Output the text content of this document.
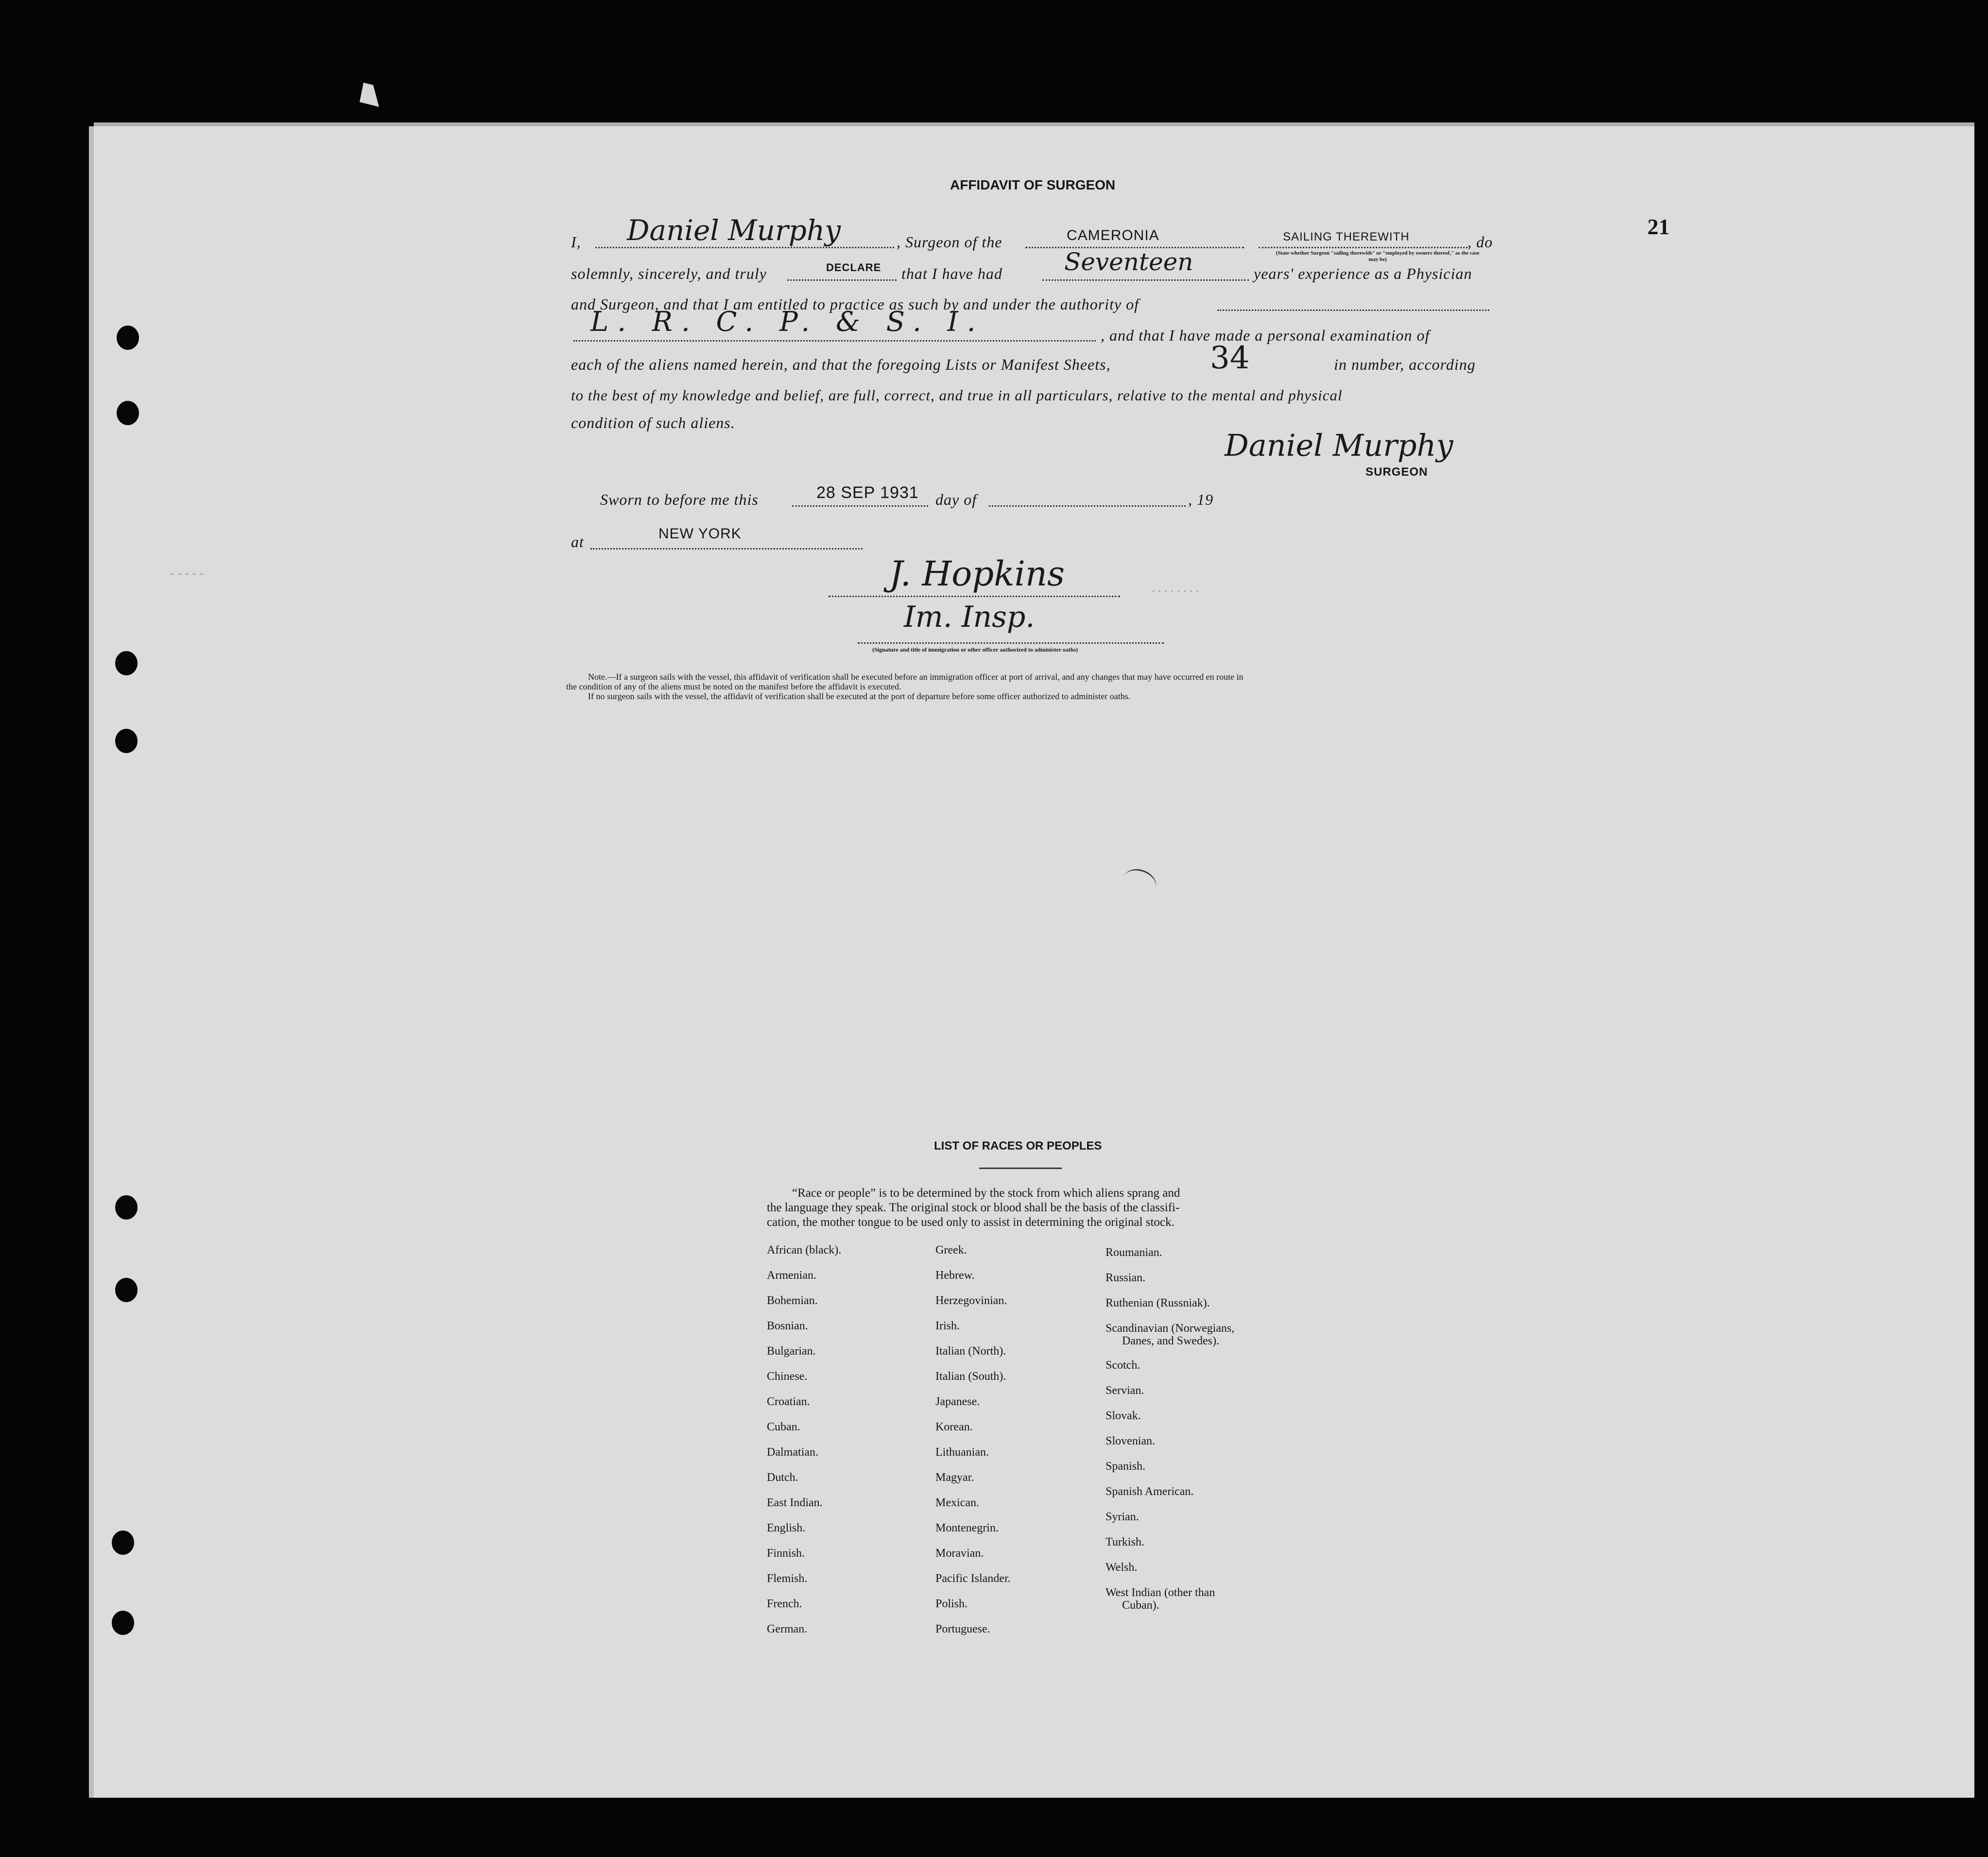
21
AFFIDAVIT OF SURGEON
I, Daniel Murphy	, Surgeon of the	CAMERONIA	SAILING THEREWITH	, do
(State whether Surgeon "sailing therewith" or "employed by owners thereof," as the case may be)
solemnly, sincerely, and truly	DECLARE that I have had	Seventeen	years' experience as a Physician
and Surgeon, and that I am entitled to practice as such by and under the authority of
L. R. C. P. & S. I.	, and that I have made a personal examination of
each of the aliens named herein, and that the foregoing Lists or Manifest Sheets,	34	in number, according
to the best of my knowledge and belief, are full, correct, and true in all particulars, relative to the mental and physical
condition of such aliens.
Daniel Murphy
SURGEON
Sworn to before me this	28 SEP 1931 day of	, 19
at	NEW YORK
. . . . . . . .
- - - - -	J. Hopkins
Im. Insp.
(Signature and title of immigration or other officer authorized to administer oaths)
Note.—If a surgeon sails with the vessel, this affidavit of verification shall be executed before an immigration officer at port of arrival, and any changes that may have occurred en route in
the condition of any of the aliens must be noted on the manifest before the affidavit is executed.
If no surgeon sails with the vessel, the affidavit of verification shall be executed at the port of departure before some officer authorized to administer oaths.
LIST OF RACES OR PEOPLES
“Race or people” is to be determined by the stock from which aliens sprang and
the language they speak. The original stock or blood shall be the basis of the classifi-
cation, the mother tongue to be used only to assist in determining the original stock.
African (black).
Armenian.
Bohemian.
Bosnian.
Bulgarian.
Chinese.
Croatian.
Cuban.
Dalmatian.
Dutch.
East Indian.
English.
Finnish.
Flemish.
French.
German.
Greek.
Hebrew.
Herzegovinian.
Irish.
Italian (North).
Italian (South).
Japanese.
Korean.
Lithuanian.
Magyar.
Mexican.
Montenegrin.
Moravian.
Pacific Islander.
Polish.
Portuguese.
Roumanian.
Russian.
Ruthenian (Russniak).
Scandinavian (Norwegians,
Danes, and Swedes).
Scotch.
Servian.
Slovak.
Slovenian.
Spanish.
Spanish American.
Syrian.
Turkish.
Welsh.
West Indian (other than
Cuban).
